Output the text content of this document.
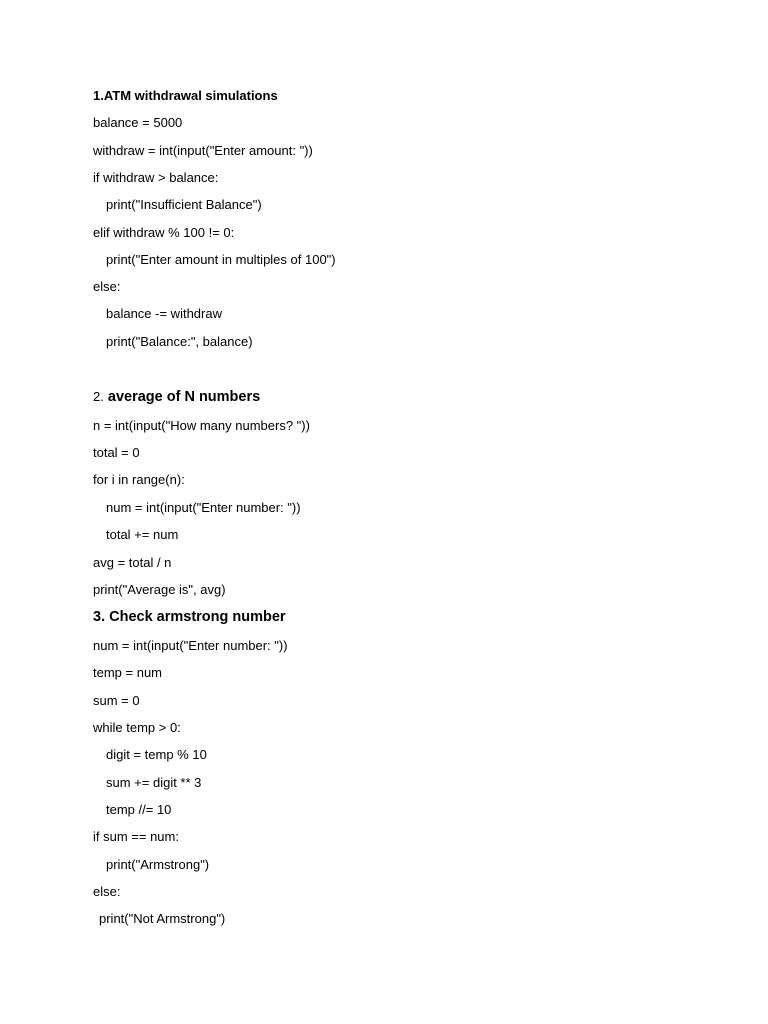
1.ATM withdrawal simulations
balance = 5000
withdraw = int(input("Enter amount: "))
if withdraw > balance:
print("Insufficient Balance")
elif withdraw % 100 != 0:
print("Enter amount in multiples of 100")
else:
balance -= withdraw
print("Balance:", balance)
2. average of N numbers
n = int(input("How many numbers? "))
total = 0
for i in range(n):
num = int(input("Enter number: "))
total += num
avg = total / n
print("Average is", avg)
3. Check armstrong number
num = int(input("Enter number: "))
temp = num
sum = 0
while temp > 0:
digit = temp % 10
sum += digit ** 3
temp //= 10
if sum == num:
print("Armstrong")
else:
print("Not Armstrong")
